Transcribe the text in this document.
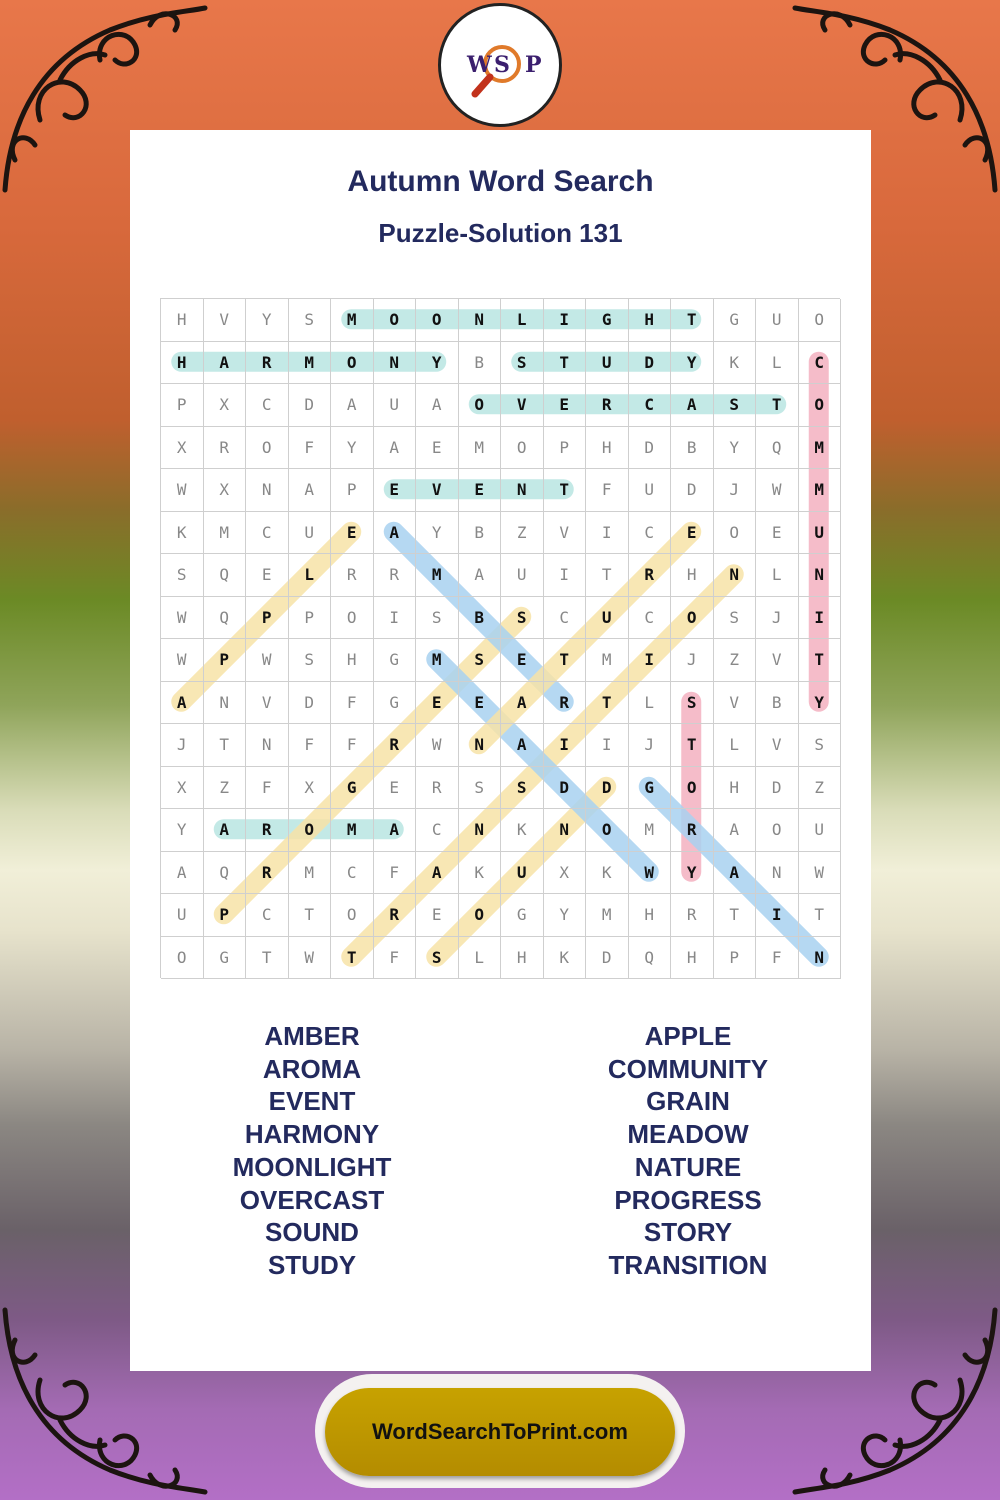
W S P
Autumn Word Search
Puzzle-Solution 131
H	V	Y	S	M	O	O	N	L	I	G	H	T	G	U	O
H	A	R	M	O	N	Y	B	S	T	U	D	Y	K	L	C
P	X	C	D	A	U	A	O	V	E	R	C	A	S	T	O
X	R	O	F	Y	A	E	M	O	P	H	D	B	Y	Q	M
W	X	N	A	P	E	V	E	N	T	F	U	D	J	W	M
K	M	C	U	E	A	Y	B	Z	V	I	C	E	O	E	U
S	Q	E	L	R	R	M	A	U	I	T	R	H	N	L	N
W	Q	P	P	O	I	S	B	S	C	U	C	O	S	J	I
W	P	W	S	H	G	M	S	E	T	M	I	J	Z	V	T
A	N	V	D	F	G	E	E	A	R	T	L	S	V	B	Y
J	T	N	F	F	R	W	N	A	I	I	J	T	L	V	S
X	Z	F	X	G	E	R	S	S	D	D	G	O	H	D	Z
Y	A	R	O	M	A	C	N	K	N	O	M	R	A	O	U
A	Q	R	M	C	F	A	K	U	X	K	W	Y	A	N	W
U	P	C	T	O	R	E	O	G	Y	M	H	R	T	I	T
O	G	T	W	T	F	S	L	H	K	D	Q	H	P	F	N
AMBER
AROMA
EVENT
HARMONY
MOONLIGHT
OVERCAST
SOUND
STUDY
APPLE
COMMUNITY
GRAIN
MEADOW
NATURE
PROGRESS
STORY
TRANSITION
WordSearchToPrint.com
